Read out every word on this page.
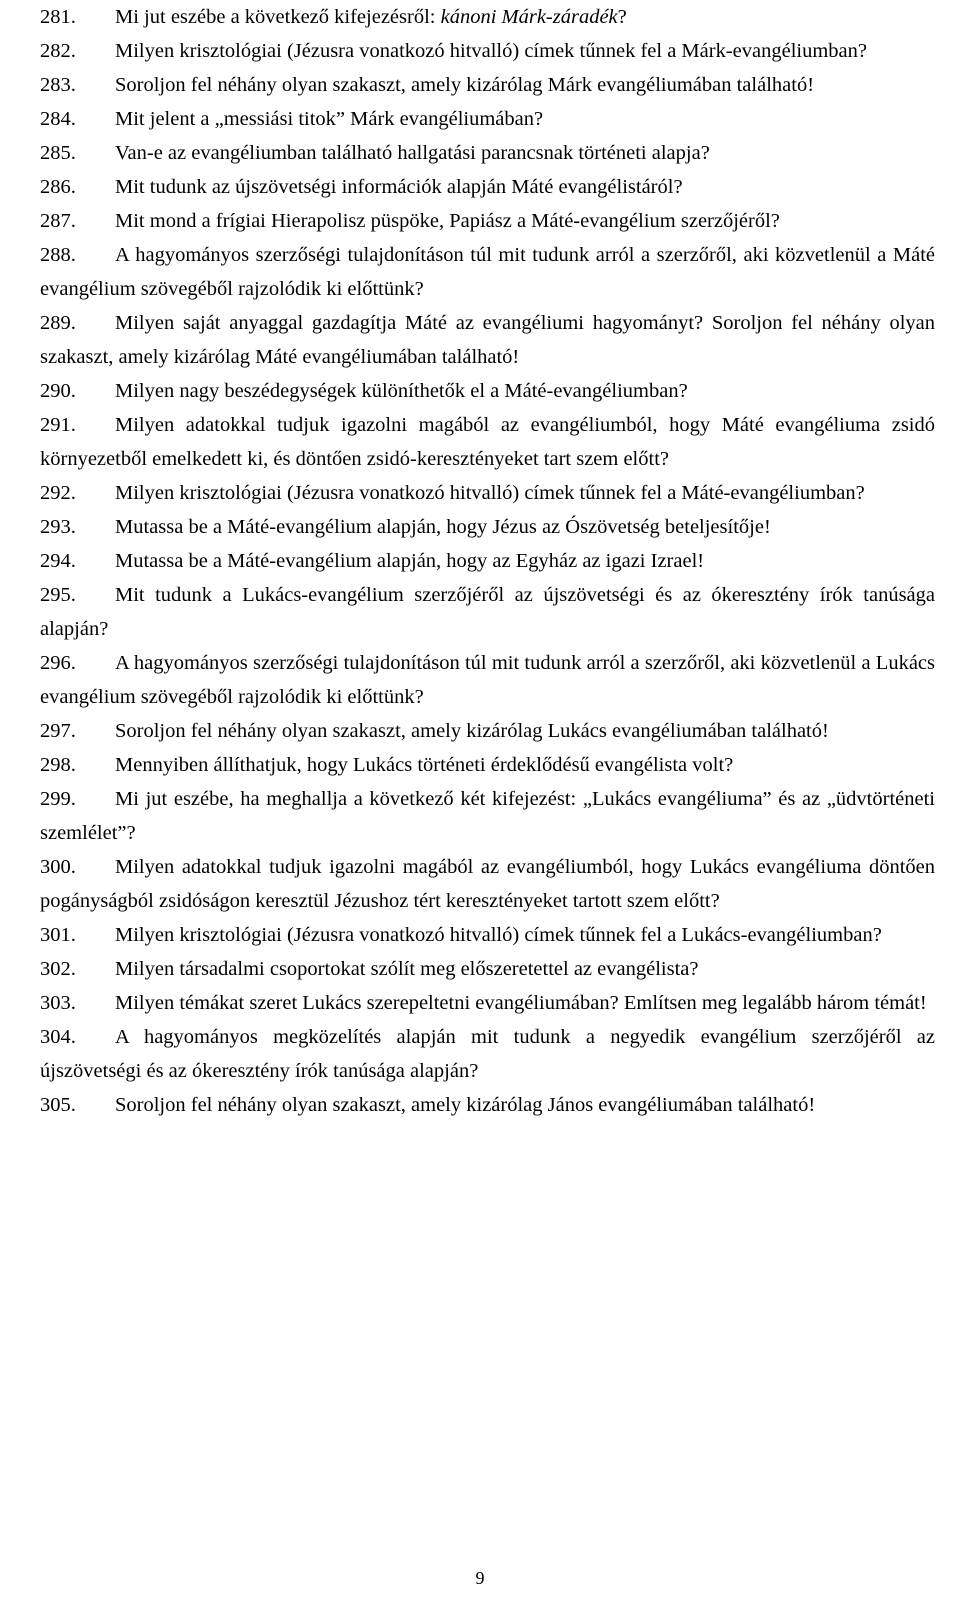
281. Mi jut eszébe a következő kifejezésről: kánoni Márk-záradék?
282. Milyen krisztológiai (Jézusra vonatkozó hitvalló) címek tűnnek fel a Márk-evangéliumban?
283. Soroljon fel néhány olyan szakaszt, amely kizárólag Márk evangéliumában található!
284. Mit jelent a „messiási titok” Márk evangéliumában?
285. Van-e az evangéliumban található hallgatási parancsnak történeti alapja?
286. Mit tudunk az újszövetségi információk alapján Máté evangélistáról?
287. Mit mond a frígiai Hierapolisz püspöke, Papiász a Máté-evangélium szerzőjéről?
288. A hagyományos szerzőségi tulajdonításon túl mit tudunk arról a szerzőről, aki közvetlenül a Máté evangélium szövegéből rajzolódik ki előttünk?
289. Milyen saját anyaggal gazdagítja Máté az evangéliumi hagyományt? Soroljon fel néhány olyan szakaszt, amely kizárólag Máté evangéliumában található!
290. Milyen nagy beszédegységek különíthetők el a Máté-evangéliumban?
291. Milyen adatokkal tudjuk igazolni magából az evangéliumból, hogy Máté evangéliuma zsidó környezetből emelkedett ki, és döntően zsidó-keresztényeket tart szem előtt?
292. Milyen krisztológiai (Jézusra vonatkozó hitvalló) címek tűnnek fel a Máté-evangéliumban?
293. Mutassa be a Máté-evangélium alapján, hogy Jézus az Ószövetség beteljesítője!
294. Mutassa be a Máté-evangélium alapján, hogy az Egyház az igazi Izrael!
295. Mit tudunk a Lukács-evangélium szerzőjéről az újszövetségi és az ókeresztény írók tanúsága alapján?
296. A hagyományos szerzőségi tulajdonításon túl mit tudunk arról a szerzőről, aki közvetlenül a Lukács evangélium szövegéből rajzolódik ki előttünk?
297. Soroljon fel néhány olyan szakaszt, amely kizárólag Lukács evangéliumában található!
298. Mennyiben állíthatjuk, hogy Lukács történeti érdeklődésű evangélista volt?
299. Mi jut eszébe, ha meghallja a következő két kifejezést: „Lukács evangéliuma” és az „üdvtörténeti szemlélet”?
300. Milyen adatokkal tudjuk igazolni magából az evangéliumból, hogy Lukács evangéliuma döntően pogányságból zsidóságon keresztül Jézushoz tért keresztényeket tartott szem előtt?
301. Milyen krisztológiai (Jézusra vonatkozó hitvalló) címek tűnnek fel a Lukács-evangéliumban?
302. Milyen társadalmi csoportokat szólít meg előszeretettel az evangélista?
303. Milyen témákat szeret Lukács szerepeltetni evangéliumában? Említsen meg legalább három témát!
304. A hagyományos megközelítés alapján mit tudunk a negyedik evangélium szerzőjéről az újszövetségi és az ókeresztény írók tanúsága alapján?
305. Soroljon fel néhány olyan szakaszt, amely kizárólag János evangéliumában található!
9
